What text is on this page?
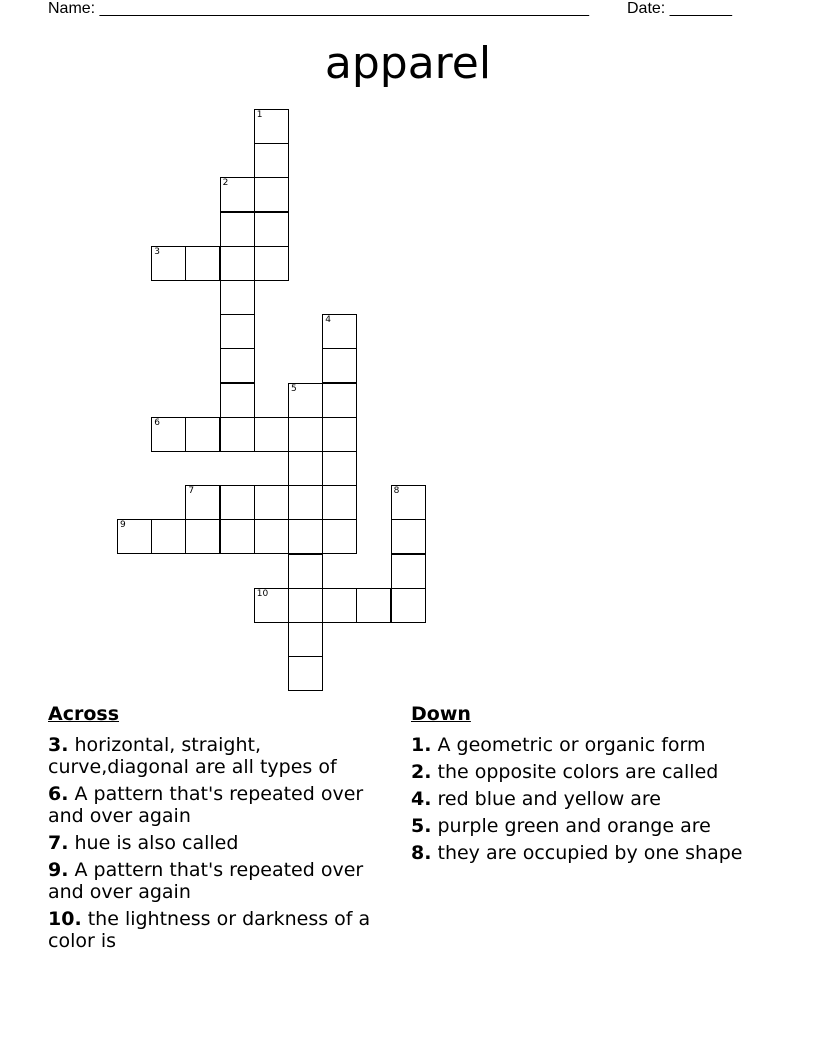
Name: _______________________________________________________ Date: _______
apparel
1
2
3
4
5
6
7	8
9
10
Across
3. horizontal, straight, curve,diagonal are all types of
6. A pattern that's repeated over and over again
7. hue is also called
9. A pattern that's repeated over and over again
10. the lightness or darkness of a color is
Down
1. A geometric or organic form
2. the opposite colors are called
4. red blue and yellow are
5. purple green and orange are
8. they are occupied by one shape
